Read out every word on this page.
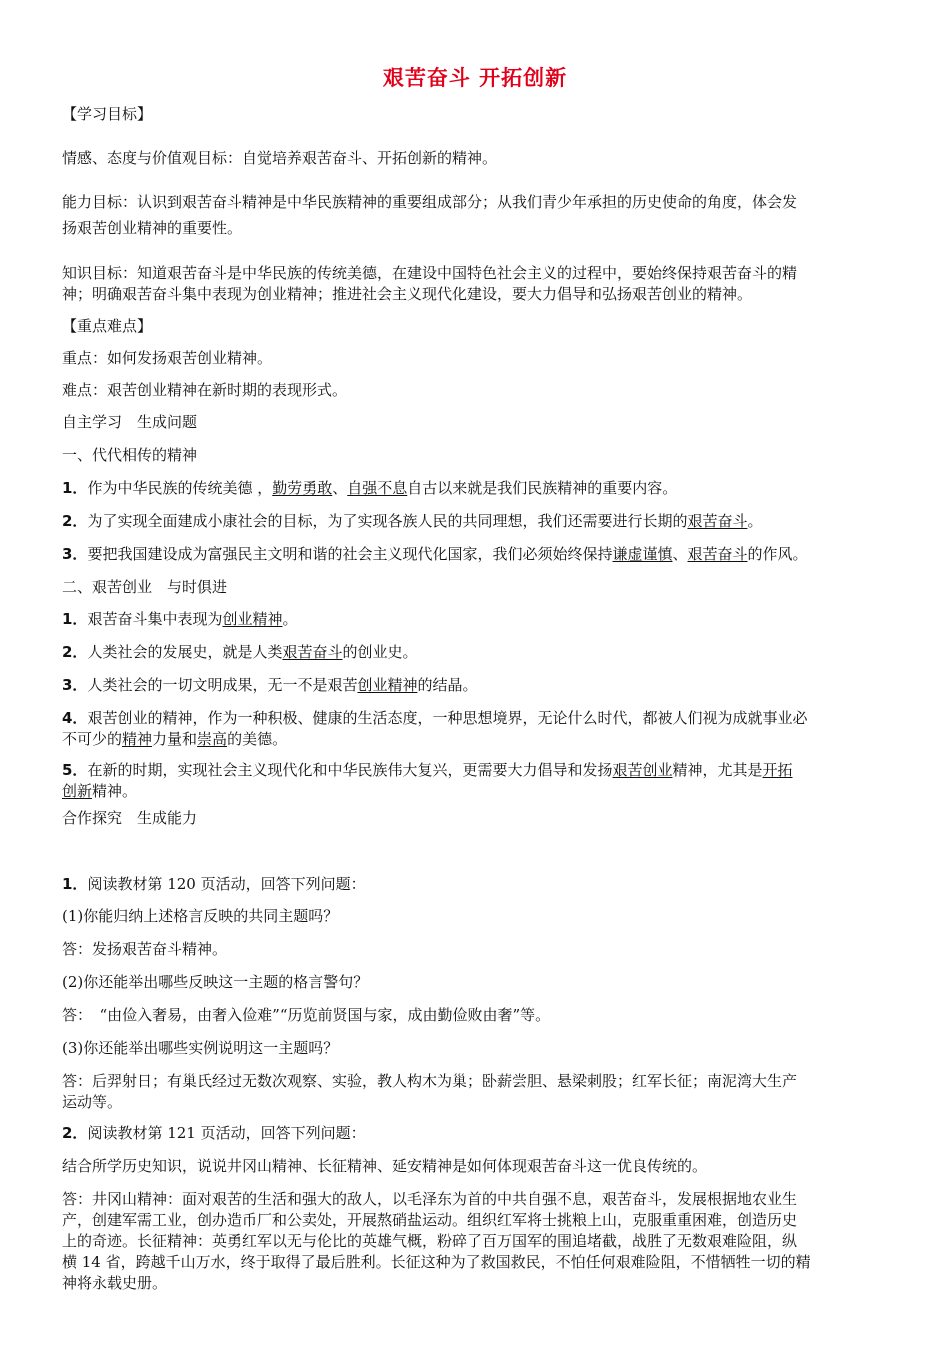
艰苦奋斗 开拓创新
【学习目标】
情感、态度与价值观目标：自觉培养艰苦奋斗、开拓创新的精神。
能力目标：认识到艰苦奋斗精神是中华民族精神的重要组成部分；从我们青少年承担的历史使命的角度，体会发
扬艰苦创业精神的重要性。
知识目标：知道艰苦奋斗是中华民族的传统美德，在建设中国特色社会主义的过程中，要始终保持艰苦奋斗的精
神；明确艰苦奋斗集中表现为创业精神；推进社会主义现代化建设，要大力倡导和弘扬艰苦创业的精神。
【重点难点】
重点：如何发扬艰苦创业精神。
难点：艰苦创业精神在新时期的表现形式。
自主学习　生成问题
一、代代相传的精神
1．作为中华民族的传统美德 ，勤劳勇敢、自强不息自古以来就是我们民族精神的重要内容。
2．为了实现全面建成小康社会的目标，为了实现各族人民的共同理想，我们还需要进行长期的艰苦奋斗。
3．要把我国建设成为富强民主文明和谐的社会主义现代化国家，我们必须始终保持谦虚谨慎、艰苦奋斗的作风。
二、艰苦创业　与时俱进
1．艰苦奋斗集中表现为创业精神。
2．人类社会的发展史，就是人类艰苦奋斗的创业史。
3．人类社会的一切文明成果，无一不是艰苦创业精神的结晶。
4．艰苦创业的精神，作为一种积极、健康的生活态度，一种思想境界，无论什么时代，都被人们视为成就事业必
不可少的精神力量和崇高的美德。
5．在新的时期，实现社会主义现代化和中华民族伟大复兴，更需要大力倡导和发扬艰苦创业精神，尤其是开拓
创新精神。
合作探究　生成能力
1．阅读教材第 120 页活动，回答下列问题：
(1)你能归纳上述格言反映的共同主题吗？
答：发扬艰苦奋斗精神。
(2)你还能举出哪些反映这一主题的格言警句？
答：　“由俭入奢易，由奢入俭难”“历览前贤国与家，成由勤俭败由奢”等。
(3)你还能举出哪些实例说明这一主题吗？
答：后羿射日；有巢氏经过无数次观察、实验，教人构木为巢；卧薪尝胆、悬梁刺股；红军长征；南泥湾大生产
运动等。
2．阅读教材第 121 页活动，回答下列问题：
结合所学历史知识，说说井冈山精神、长征精神、延安精神是如何体现艰苦奋斗这一优良传统的。
答：井冈山精神：面对艰苦的生活和强大的敌人，以毛泽东为首的中共自强不息，艰苦奋斗，发展根据地农业生
产，创建军需工业，创办造币厂和公卖处，开展熬硝盐运动。组织红军将士挑粮上山，克服重重困难，创造历史
上的奇迹。长征精神：英勇红军以无与伦比的英雄气概，粉碎了百万国军的围追堵截，战胜了无数艰难险阻，纵
横 14 省，跨越千山万水，终于取得了最后胜利。长征这种为了救国救民，不怕任何艰难险阻，不惜牺牲一切的精
神将永载史册。
